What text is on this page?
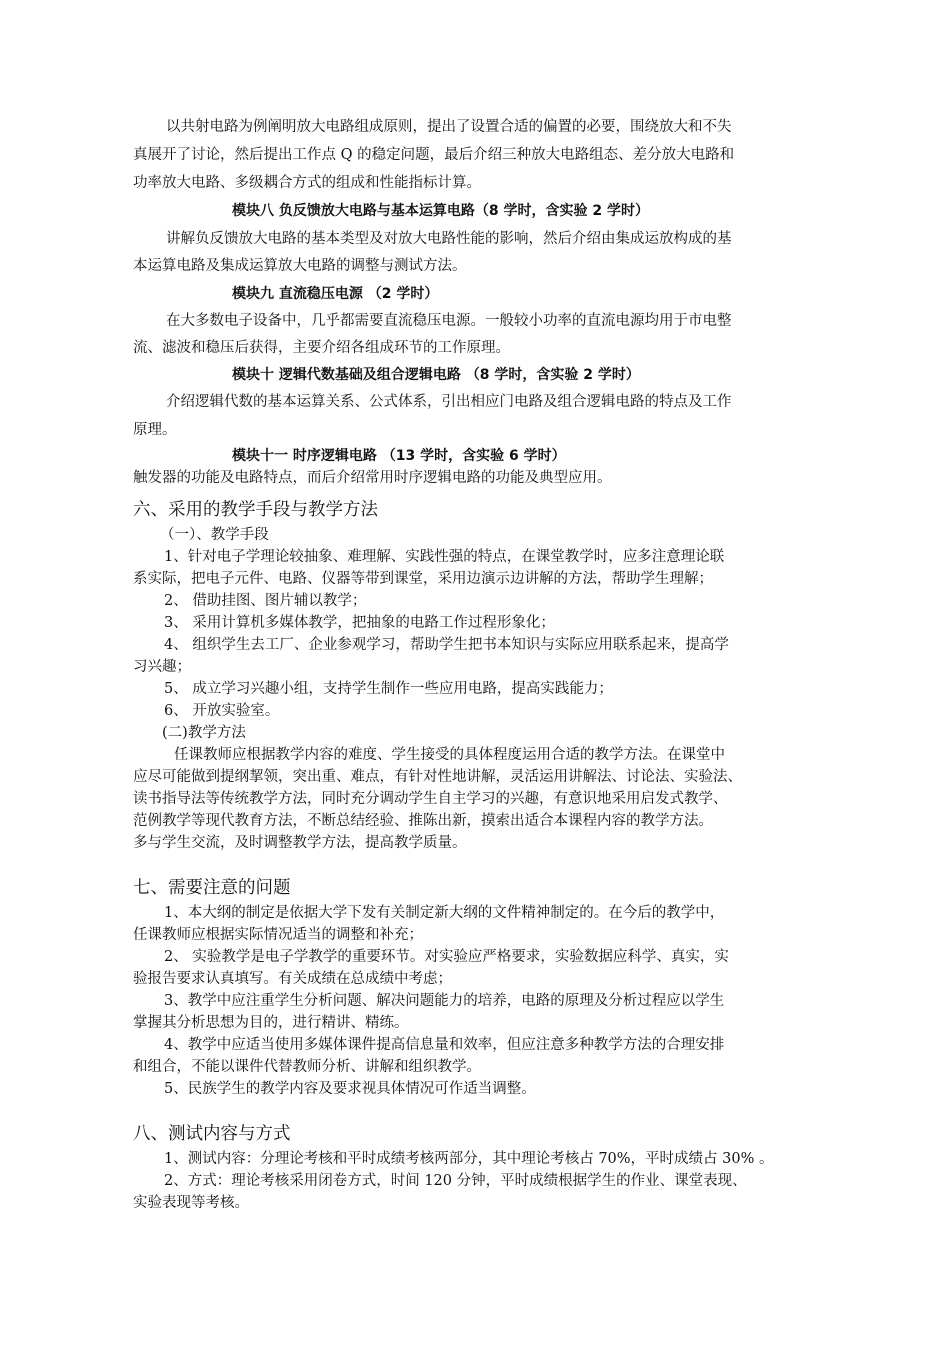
以共射电路为例阐明放大电路组成原则，提出了设置合适的偏置的必要，围绕放大和不失
真展开了讨论，然后提出工作点 Q 的稳定问题，最后介绍三种放大电路组态、差分放大电路和
功率放大电路、多级耦合方式的组成和性能指标计算。
模块八 负反馈放大电路与基本运算电路（8 学时，含实验 2 学时）
讲解负反馈放大电路的基本类型及对放大电路性能的影响，然后介绍由集成运放构成的基
本运算电路及集成运算放大电路的调整与测试方法。
模块九 直流稳压电源 （2 学时）
在大多数电子设备中，几乎都需要直流稳压电源。一般较小功率的直流电源均用于市电整
流、滤波和稳压后获得，主要介绍各组成环节的工作原理。
模块十 逻辑代数基础及组合逻辑电路 （8 学时，含实验 2 学时）
介绍逻辑代数的基本运算关系、公式体系，引出相应门电路及组合逻辑电路的特点及工作
原理。
模块十一 时序逻辑电路 （13 学时，含实验 6 学时）
触发器的功能及电路特点，而后介绍常用时序逻辑电路的功能及典型应用。
六、采用的教学手段与教学方法
（一）、教学手段
1、针对电子学理论较抽象、难理解、实践性强的特点，在课堂教学时，应多注意理论联
系实际，把电子元件、电路、仪器等带到课堂，采用边演示边讲解的方法，帮助学生理解；
2、 借助挂图、图片辅以教学；
3、 采用计算机多媒体教学，把抽象的电路工作过程形象化；
4、 组织学生去工厂、企业参观学习，帮助学生把书本知识与实际应用联系起来，提高学
习兴趣；
5、 成立学习兴趣小组，支持学生制作一些应用电路，提高实践能力；
6、 开放实验室。
(二)教学方法
任课教师应根据教学内容的难度、学生接受的具体程度运用合适的教学方法。在课堂中
应尽可能做到提纲挈领，突出重、难点，有针对性地讲解，灵活运用讲解法、讨论法、实验法、
读书指导法等传统教学方法，同时充分调动学生自主学习的兴趣，有意识地采用启发式教学、
范例教学等现代教育方法，不断总结经验、推陈出新，摸索出适合本课程内容的教学方法。
多与学生交流，及时调整教学方法，提高教学质量。
七、需要注意的问题
1、本大纲的制定是依据大学下发有关制定新大纲的文件精神制定的。在今后的教学中，
任课教师应根据实际情况适当的调整和补充；
2、 实验教学是电子学教学的重要环节。对实验应严格要求，实验数据应科学、真实，实
验报告要求认真填写。有关成绩在总成绩中考虑；
3、教学中应注重学生分析问题、解决问题能力的培养，电路的原理及分析过程应以学生
掌握其分析思想为目的，进行精讲、精练。
4、教学中应适当使用多媒体课件提高信息量和效率，但应注意多种教学方法的合理安排
和组合，不能以课件代替教师分析、讲解和组织教学。
5、民族学生的教学内容及要求视具体情况可作适当调整。
八、测试内容与方式
1、测试内容：分理论考核和平时成绩考核两部分，其中理论考核占 70%，平时成绩占 30% 。
2、方式：理论考核采用闭卷方式，时间 120 分钟，平时成绩根据学生的作业、课堂表现、
实验表现等考核。
